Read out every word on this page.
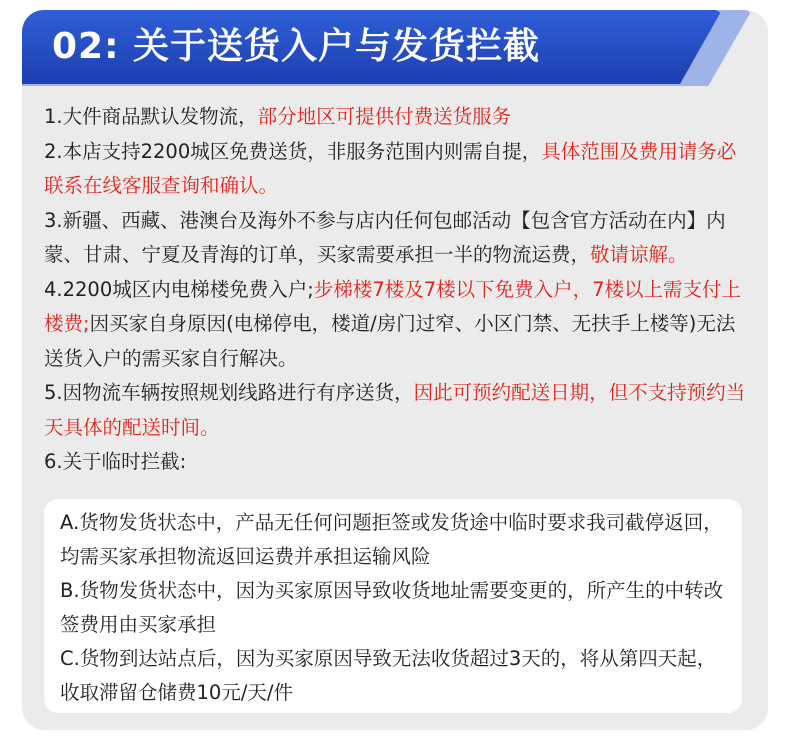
02: 关于送货入户与发货拦截

1.大件商品默认发物流，部分地区可提供付费送货服务

2.本店支持2200城区免费送货，非服务范围内则需自提，具体范围及费用请务必联系在线客服查询和确认。

3.新疆、西藏、港澳台及海外不参与店内任何包邮活动【包含官方活动在内】内蒙、甘肃、宁夏及青海的订单，买家需要承担一半的物流运费，敬请谅解。

4.2200城区内电梯楼免费入户;步梯楼7楼及7楼以下免费入户，7楼以上需支付上楼费;因买家自身原因(电梯停电，楼道/房门过窄、小区门禁、无扶手上楼等)无法送货入户的需买家自行解决。

5.因物流车辆按照规划线路进行有序送货，因此可预约配送日期，但不支持预约当天具体的配送时间。

6.关于临时拦截:

A.货物发货状态中，产品无任何问题拒签或发货途中临时要求我司截停返回，均需买家承担物流返回运费并承担运输风险

B.货物发货状态中，因为买家原因导致收货地址需要变更的，所产生的中转改签费用由买家承担

C.货物到达站点后，因为买家原因导致无法收货超过3天的，将从第四天起，收取滞留仓储费10元/天/件
